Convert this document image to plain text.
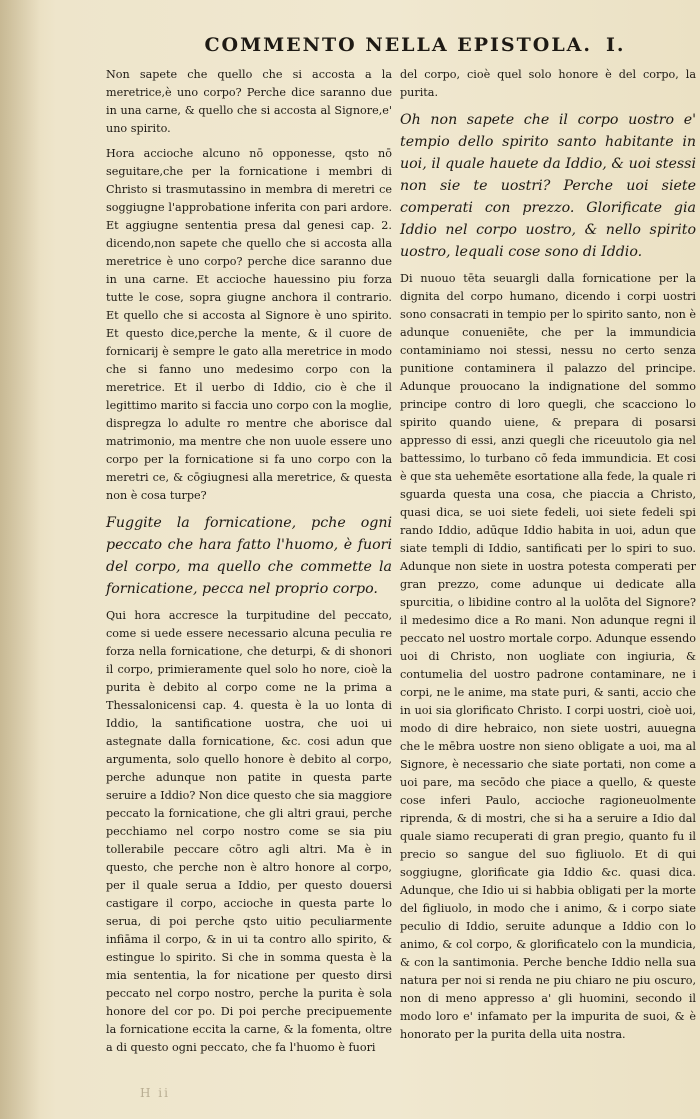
COMMENTO NELLA EPISTOLA. I.

Non sapete che quello che si accosta a la meretrice,è uno corpo? Perche dice saranno due in una carne, & quello che si accosta al Signore,e' uno spirito.

Hora accioche alcuno nō opponesse, qsto nō seguitare,che per la fornicatione i membri di Christo si trasmutassino in membra di meretri ce soggiugne l'approbatione inferita con pari ardore. Et aggiugne sententia presa dal genesi cap. 2. dicendo,non sapete che quello che si accosta alla meretrice è uno corpo? perche dice saranno due in una carne. Et accioche hauessino piu forza tutte le cose, sopra giugne anchora il contrario. Et quello che si accosta al Signore è uno spirito. Et questo dice,perche la mente, & il cuore de fornicarij è sempre le gato alla meretrice in modo che si fanno uno medesimo corpo con la meretrice. Et il uerbo di Iddio, cio è che il legittimo marito si faccia uno corpo con la moglie, dispregza lo adulte ro mentre che aborisce dal matrimonio, ma mentre che non uuole essere uno corpo per la fornicatione si fa uno corpo con la meretri ce, & cōgiugnesi alla meretrice, & questa non è cosa turpe?

Fuggite la fornicatione, pche ogni peccato che hara fatto l'huomo, è fuori del corpo, ma quello che commette la fornicatione, pecca nel proprio corpo.

Qui hora accresce la turpitudine del peccato, come si uede essere necessario alcuna peculia re forza nella fornicatione, che deturpi, & di shonori il corpo, primieramente quel solo ho nore, cioè la purita è debito al corpo come ne la prima a Thessalonicensi cap. 4. questa è la uo lonta di Iddio, la santificatione uostra, che uoi ui astegnate dalla fornicatione, &c. cosi adun que argumenta, solo quello honore è debito al corpo, perche adunque non patite in questa parte seruire a Iddio? Non dice questo che sia maggiore peccato la fornicatione, che gli altri graui, perche pecchiamo nel corpo nostro come se sia piu tollerabile peccare cōtro agli altri. Ma è in questo, che perche non è altro honore al corpo, per il quale serua a Iddio, per questo douersi castigare il corpo, accioche in questa parte lo serua, di poi perche qsto uitio peculiarmente infiāma il corpo, & in ui ta contro allo spirito, & estingue lo spirito. Si che in somma questa è la mia sententia, la for nicatione per questo dirsi peccato nel corpo nostro, perche la purita è sola honore del cor po. Di poi perche precipuemente la fornicatione eccita la carne, & la fomenta, oltre a di questo ogni peccato, che fa l'huomo è fuori

del corpo, cioè quel solo honore è del corpo, la purita.

Oh non sapete che il corpo uostro e' tempio dello spirito santo habitante in uoi, il quale hauete da Iddio, & uoi stessi non sie te uostri? Perche uoi siete comperati con prezzo. Glorificate gia Iddio nel corpo uostro, & nello spirito uostro, lequali cose sono di Iddio.

Di nuouo tēta seuargli dalla fornicatione per la dignita del corpo humano, dicendo i corpi uostri sono consacrati in tempio per lo spirito santo, non è adunque conueniēte, che per la immundicia contaminiamo noi stessi, nessu no certo senza punitione contaminera il palazzo del principe. Adunque prouocano la indignatione del sommo principe contro di loro quegli, che scacciono lo spirito quando uiene, & prepara di posarsi appresso di essi, anzi quegli che riceuutolo gia nel battessimo, lo turbano cō feda immundicia. Et cosi è que sta uehemēte esortatione alla fede, la quale ri sguarda questa una cosa, che piaccia a Christo, quasi dica, se uoi siete fedeli, uoi siete fedeli spi rando Iddio, adūque Iddio habita in uoi, adun que siate templi di Iddio, santificati per lo spiri to suo. Adunque non siete in uostra potesta comperati per gran prezzo, come adunque ui dedicate alla spurcitia, o libidine contro al la uolōta del Signore? il medesimo dice a Ro mani. Non adunque regni il peccato nel uostro mortale corpo. Adunque essendo uoi di Christo, non uogliate con ingiuria, & contumelia del uostro padrone contaminare, ne i corpi, ne le anime, ma state puri, & santi, accio che in uoi sia glorificato Christo. I corpi uostri, cioè uoi, modo di dire hebraico, non siete uostri, auuegna che le mēbra uostre non sieno obligate a uoi, ma al Signore, è necessario che siate portati, non come a uoi pare, ma secōdo che piace a quello, & queste cose inferi Paulo, accioche ragioneuolmente riprenda, & di mostri, che si ha a seruire a Idio dal quale siamo recuperati di gran pregio, quanto fu il precio so sangue del suo figliuolo. Et di qui soggiugne, glorificate gia Iddio &c. quasi dica. Adunque, che Idio ui si habbia obligati per la morte del figliuolo, in modo che i animo, & i corpo siate peculio di Iddio, seruite adunque a Iddio con lo animo, & col corpo, & glorificatelo con la mundicia, & con la santimonia. Perche benche Iddio nella sua natura per noi si renda ne piu chiaro ne piu oscuro, non di meno appresso a' gli huomini, secondo il modo loro e' infamato per la impurita de suoi, & è honorato per la purita della uita nostra.

H ii
